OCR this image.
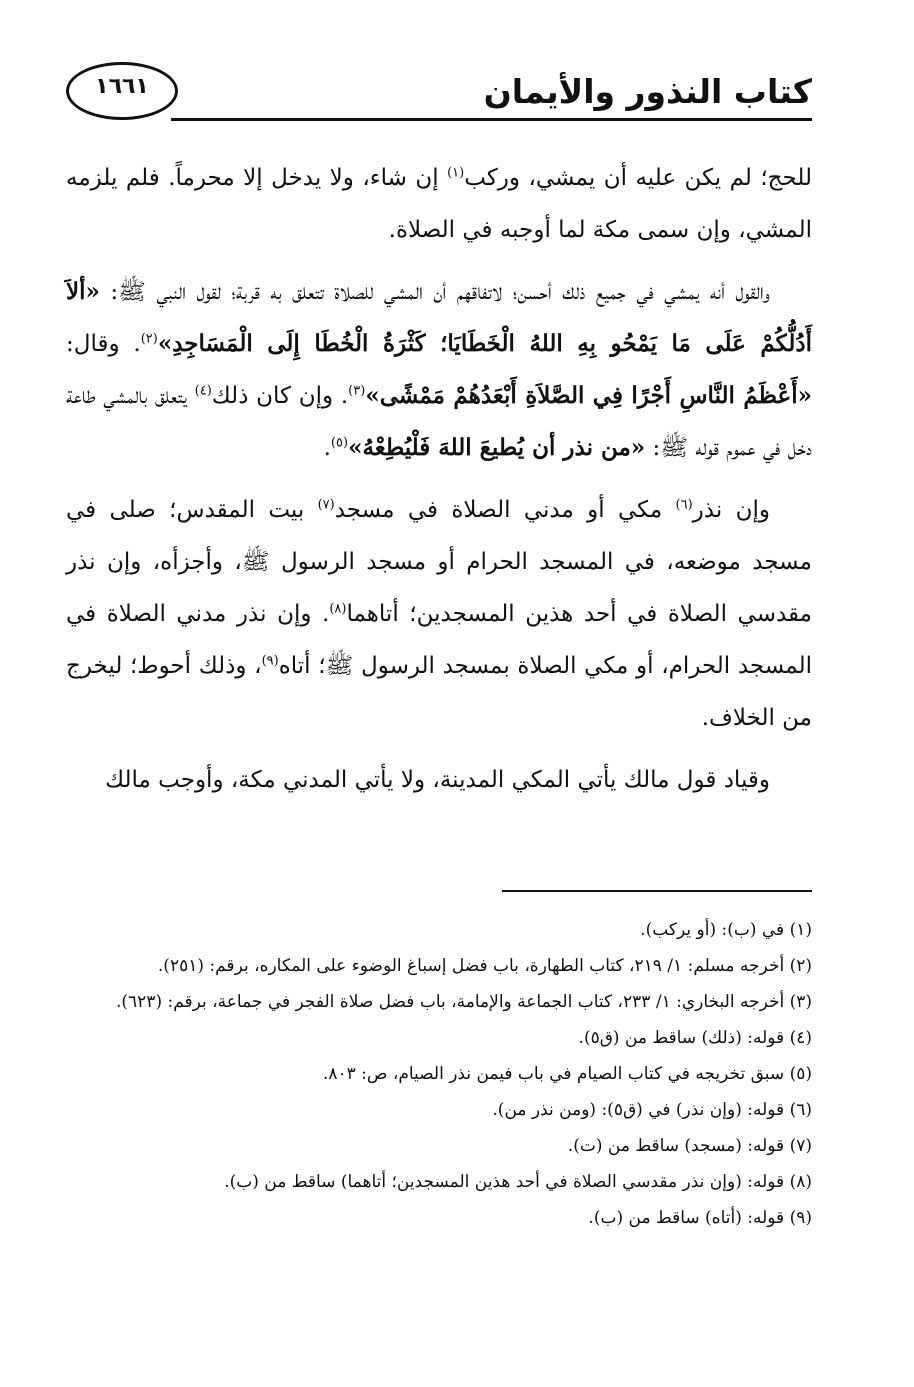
١٦٦١	كتاب النذور والأيمان

للحج؛ لم يكن عليه أن يمشي، وركب$^{(١)}$ إن شاء، ولا يدخل إلا محرماً. فلم يلزمه المشي، وإن سمى مكة لما أوجبه في الصلاة.

والقول أنه يمشي في جميع ذلك أحسن؛ لاتفاقهم أن المشي للصلاة تتعلق به قربة؛ لقول النبي ﷺ: «ألاَ أَدُلُّكُمْ عَلَى مَا يَمْحُو بِهِ اللهُ الْخَطَايَا؛ كَثْرَةُ الْخُطَا إِلَى الْمَسَاجِدِ»$^{(٢)}$. وقال: «أَعْظَمُ النَّاسِ أَجْرًا فِي الصَّلاَةِ أَبْعَدُهُمْ مَمْشًى»$^{(٣)}$. وإن كان ذلك$^{(٤)}$ يتعلق بالمشي طاعة دخل في عموم قوله ﷺ: «من نذر أن يُطيعَ اللهَ فَلْيُطِعْهُ»$^{(٥)}$.

وإن نذر$^{(٦)}$ مكي أو مدني الصلاة في مسجد$^{(٧)}$ بيت المقدس؛ صلى في مسجد موضعه، في المسجد الحرام أو مسجد الرسول ﷺ، وأجزأه، وإن نذر مقدسي الصلاة في أحد هذين المسجدين؛ أتاهما$^{(٨)}$. وإن نذر مدني الصلاة في المسجد الحرام، أو مكي الصلاة بمسجد الرسول ﷺ؛ أتاه$^{(٩)}$، وذلك أحوط؛ ليخرج من الخلاف.

وقياد قول مالك يأتي المكي المدينة، ولا يأتي المدني مكة، وأوجب مالك

(١) في (ب): (أو يركب).

(٢) أخرجه مسلم: ١/ ٢١٩، كتاب الطهارة، باب فضل إسباغ الوضوء على المكاره، برقم: (٢٥١).

(٣) أخرجه البخاري: ١/ ٢٣٣، كتاب الجماعة والإمامة، باب فضل صلاة الفجر في جماعة، برقم: (٦٢٣).

(٤) قوله: (ذلك) ساقط من (ق٥).

(٥) سبق تخريجه في كتاب الصيام في باب فيمن نذر الصيام، ص: ٨٠٣.

(٦) قوله: (وإن نذر) في (ق٥): (ومن نذر من).

(٧) قوله: (مسجد) ساقط من (ت).

(٨) قوله: (وإن نذر مقدسي الصلاة في أحد هذين المسجدين؛ أتاهما) ساقط من (ب).

(٩) قوله: (أتاه) ساقط من (ب).
